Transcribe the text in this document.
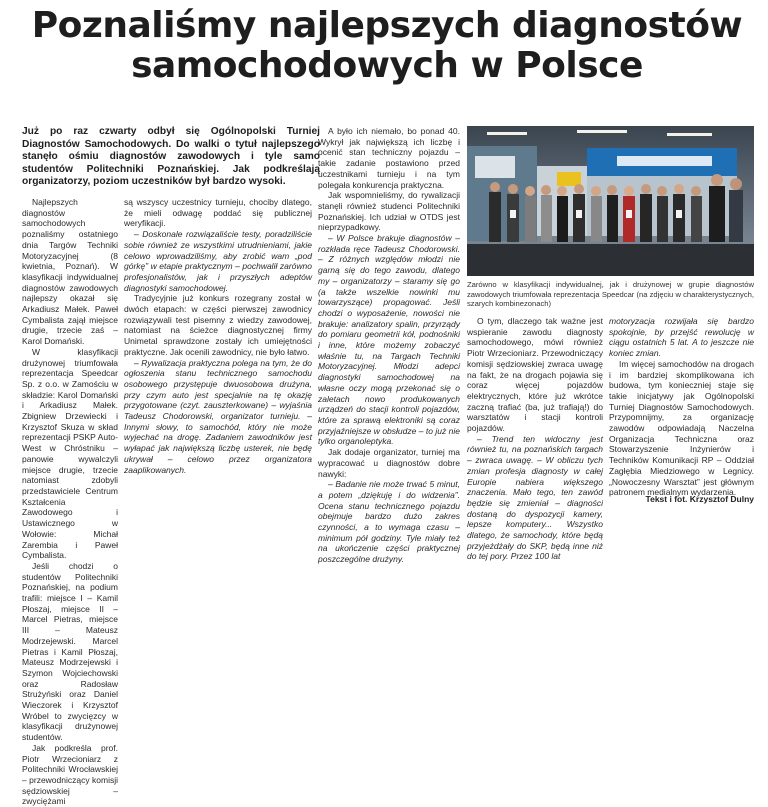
Poznaliśmy najlepszych diagnostów
samochodowych w Polsce

Już po raz czwarty odbył się Ogólnopolski Turniej Diagnostów Samochodowych. Do walki o tytuł najlepszego stanęło ośmiu diagnostów zawodowych i tyle samo studentów Politechniki Poznańskiej. Jak podkreślają organizatorzy, poziom uczestników był bardzo wysoki.

Najlepszych diagnostów samochodowych poznaliśmy ostatniego dnia Targów Techniki Motoryzacyjnej (8 kwietnia, Poznań). W klasyfikacji indywidualnej diagnostów zawodowych najlepszy okazał się Arkadiusz Małek. Paweł Cymbalista zajął miejsce drugie, trzecie zaś – Karol Domański.

W klasyfikacji drużynowej triumfowała reprezentacja Speedcar Sp. z o.o. w Zamościu w składzie: Karol Domański i Arkadiusz Małek. Zbigniew Drzewiecki i Krzysztof Skuza w skład reprezentacji PSKP Auto-West w Chróstniku – panowie wywalczyli miejsce drugie, trzecie natomiast zdobyli przedstawiciele Centrum Kształcenia Zawodowego i Ustawicznego w Wołowie: Michał Zarembia i Paweł Cymbalista.

Jeśli chodzi o studentów Politechniki Poznańskiej, na podium trafili: miejsce I – Kamil Płoszaj, miejsce II – Marcel Pietras, miejsce III – Mateusz Modrzejewski. Marcel Pietras i Kamil Płoszaj, Mateusz Modrzejewski i Szymon Wojciechowski oraz Radosław Strużyński oraz Daniel Wieczorek i Krzysztof Wróbel to zwycięzcy w klasyfikacji drużynowej studentów.

Jak podkreśla prof. Piotr Wrzecioniarz z Politechniki Wrocławskiej – przewodniczący komisji sędziowskiej – zwyciężami

są wszyscy uczestnicy turnieju, chociby dlatego, że mieli odwagę poddać się publicznej weryfikacji.

– Doskonale rozwiązaliście testy, poradziliście sobie również ze wszystkimi utrudnieniami, jakie celowo wprowadziliśmy, aby zrobić wam „pod górkę” w etapie praktycznym – pochwalił zarówno profesjonalistów, jak i przyszłych adeptów diagnostyki samochodowej.

Tradycyjnie już konkurs rozegrany został w dwóch etapach: w części pierwszej zawodnicy rozwiązywali test pisemny z wiedzy zawodowej, natomiast na ścieżce diagnostycznej firmy Unimetal sprawdzone zostały ich umiejętności praktyczne. Jak ocenili zawodnicy, nie było łatwo.

– Rywalizacja praktyczna polega na tym, że do ogłoszenia stanu technicznego samochodu osobowego przystępuje dwuosobowa drużyna, przy czym auto jest specjalnie na tę okazję przygotowane (czyt. zauszterkowane) – wyjaśnia Tadeusz Chodorowski, organizator turnieju. – Innymi słowy, to samochód, który nie może wyjechać na drogę. Zadaniem zawodników jest wyłapać jak największą liczbę usterek, nie będę ukrywał – celowo przez organizatora zaaplikowanych.

A było ich niemało, bo ponad 40. Wykrył jak największą ich liczbę i ocenić stan techniczny pojazdu – takie zadanie postawiono przed uczestnikami turnieju i na tym polegała konkurencja praktyczna.

Jak wspomnieliśmy, do rywalizacji stanęli również studenci Politechniki Poznańskiej. Ich udział w OTDS jest nieprzypadkowy.

– W Polsce brakuje diagnostów – rozkłada ręce Tadeusz Chodorowski. – Z różnych względów młodzi nie garną się do tego zawodu, dlatego my – organizatorzy – staramy się go (a także wszelkie nowinki mu towarzyszące) propagować. Jeśli chodzi o wyposażenie, nowości nie brakuje: analizatory spalin, przyrządy do pomiaru geometrii kół, podnośniki i inne, które możemy zobaczyć właśnie tu, na Targach Techniki Motoryzacyjnej. Młodzi adepci diagnostyki samochodowej na własne oczy mogą przekonać się o zaletach nowo produkowanych urządzeń do stacji kontroli pojazdów, które za sprawą elektroniki są coraz przyjaźniejsze w obsłudze – to już nie tylko organoleptyka.

Jak dodaje organizator, turniej ma wypracować u diagnostów dobre nawyki:

– Badanie nie może trwać 5 minut, a potem „dziękuję i do widzenia”. Ocena stanu technicznego pojazdu obejmuje bardzo dużo zakres czynności, a to wymaga czasu – minimum pół godziny. Tyle miały też na ukończenie części praktycznej poszczególne drużyny.

Zarówno w klasyfikacji indywidualnej, jak i drużynowej w grupie diagnostów zawodowych triumfowała reprezentacja Speedcar (na zdjęciu w charakterystycznych, szarych kombinezonach)

O tym, dlaczego tak ważne jest wspieranie zawodu diagnosty samochodowego, mówi również Piotr Wrzecioniarz. Przewodniczący komisji sędziowskiej zwraca uwagę na fakt, że na drogach pojawia się coraz więcej pojazdów elektrycznych, które już wkrótce zaczną trafiać (ba, już trafiają!) do warsztatów i stacji kontroli pojazdów.

– Trend ten widoczny jest również tu, na poznańskich targach – zwraca uwagę. – W obliczu tych zmian profesja diagnosty w całej Europie nabiera większego znaczenia. Mało tego, ten zawód będzie się zmieniał – diagności dostaną do dyspozycji kamery, lepsze komputery... Wszystko dlatego, że samochody, które będą przyjeżdżały do SKP, będą inne niż do tej pory. Przez 100 lat

motoryzacja rozwijała się bardzo spokojnie, by przejść rewolucję w ciągu ostatnich 5 lat. A to jeszcze nie koniec zmian.

Im więcej samochodów na drogach i im bardziej skomplikowana ich budowa, tym konieczniej staje się takie inicjatywy jak Ogólnopolski Turniej Diagnostów Samochodowych. Przypomnijmy, za organizację zawodów odpowiadają Naczelna Organizacja Techniczna oraz Stowarzyszenie Inżynierów i Techników Komunikacji RP – Oddział Zagłębia Miedziowego w Legnicy. „Nowoczesny Warsztat” jest głównym patronem medialnym wydarzenia.

Tekst i fot. Krzysztof Dulny
